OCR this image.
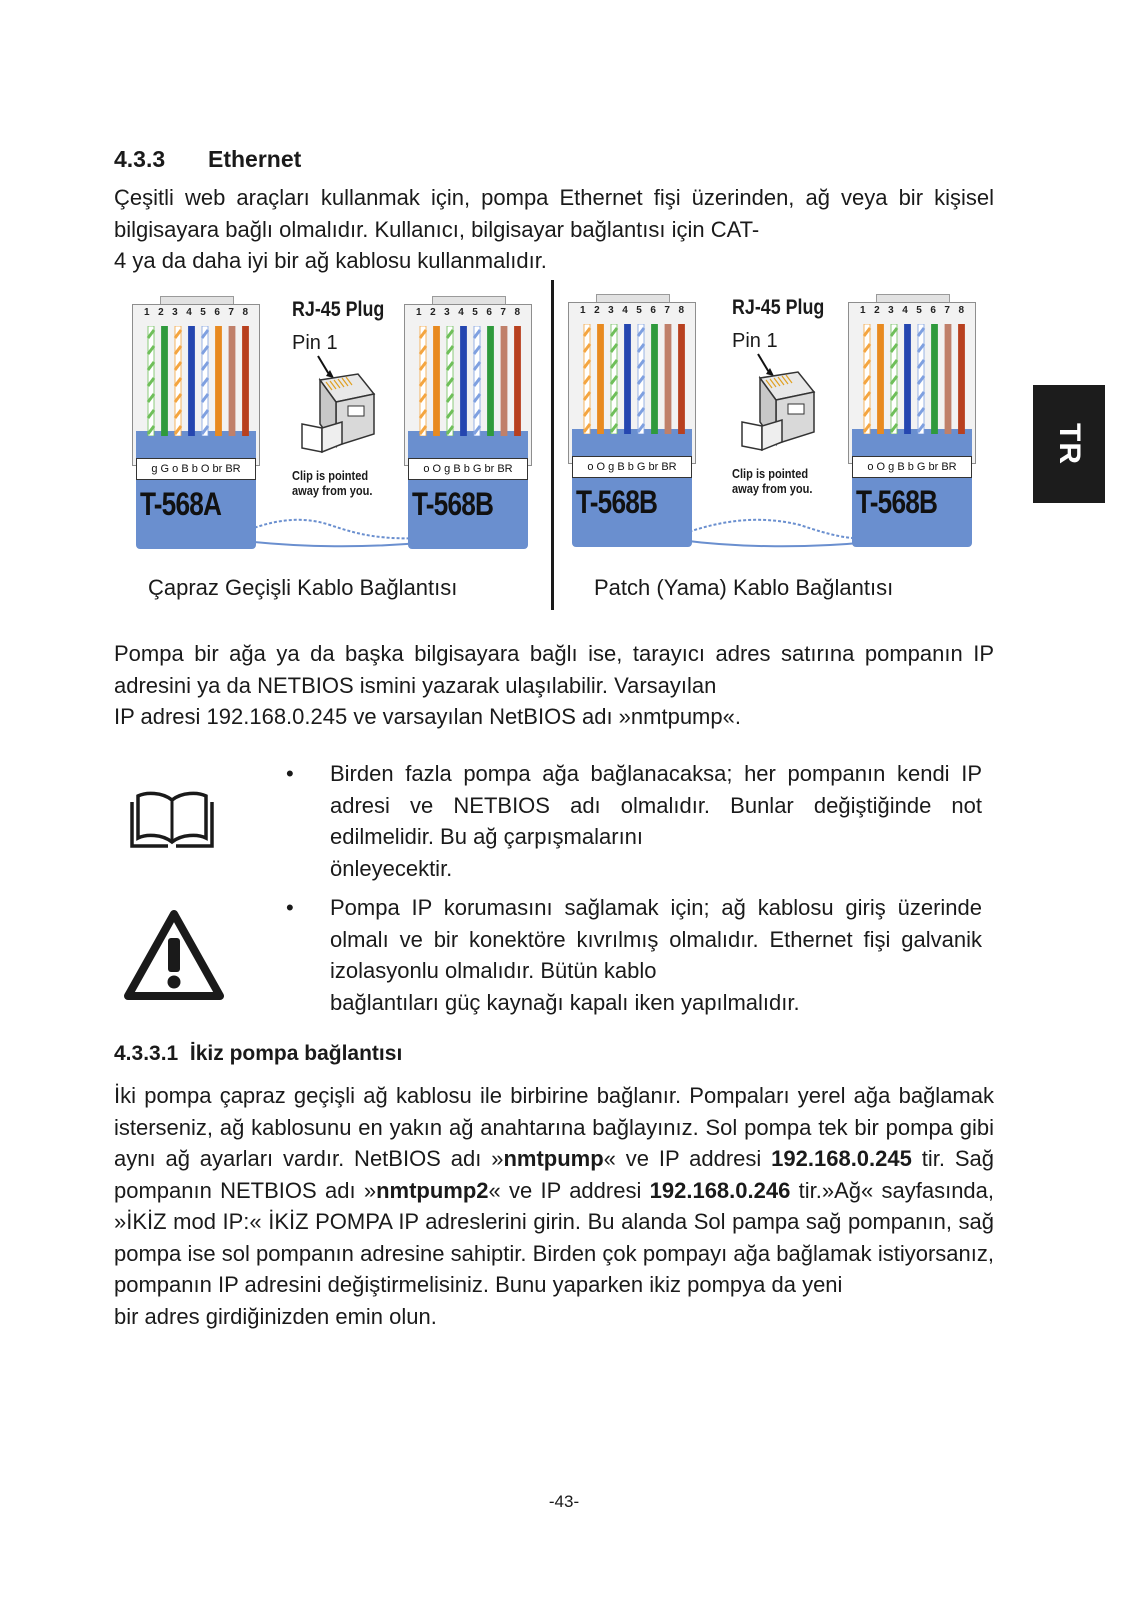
TR
4.3.3 Ethernet
Çeşitli web araçları kullanmak için, pompa Ethernet fişi üzerinden, ağ veya bir kişisel bilgisayara bağlı olmalıdır. Kullanıcı, bilgisayar bağlantısı için CAT-
4 ya da daha iyi bir ağ kablosu kullanmalıdır.
1 2 3 4 5 6 7 8
g G o B b O br BR
T-568A
1 2 3 4 5 6 7 8
o O g B b G br BR
T-568B
1 2 3 4 5 6 7 8
o O g B b G br BR
T-568B
1 2 3 4 5 6 7 8
o O g B b G br BR
T-568B
RJ-45 Plug
Pin 1
Clip is pointed
away from you.
RJ-45 Plug
Pin 1
Clip is pointed
away from you.
Çapraz Geçişli Kablo Bağlantısı	Patch (Yama) Kablo Bağlantısı
Pompa bir ağa ya da başka bilgisayara bağlı ise, tarayıcı adres satırına pompanın IP adresini ya da NETBIOS ismini yazarak ulaşılabilir. Varsayılan
IP adresi 192.168.0.245 ve varsayılan NetBIOS adı »nmtpump«.
•	Birden fazla pompa ağa bağlanacaksa; her pompanın kendi IP adresi ve NETBIOS adı olmalıdır. Bunlar değiştiğinde not edilmelidir. Bu ağ çarpışmalarını
önleyecektir.
•	Pompa IP korumasını sağlamak için; ağ kablosu giriş üzerinde olmalı ve bir konektöre kıvrılmış olmalıdır. Ethernet fişi galvanik izolasyonlu olmalıdır. Bütün kablo
bağlantıları güç kaynağı kapalı iken yapılmalıdır.
4.3.3.1 İkiz pompa bağlantısı
İki pompa çapraz geçişli ağ kablosu ile birbirine bağlanır. Pompaları yerel ağa bağlamak isterseniz, ağ kablosunu en yakın ağ anahtarına bağlayınız. Sol pompa tek bir pompa gibi aynı ağ ayarları vardır. NetBIOS adı »nmtpump« ve IP addresi 192.168.0.245 tir. Sağ pompanın NETBIOS adı »nmtpump2« ve IP addresi 192.168.0.246 tir.»Ağ« sayfasında, »İKİZ mod IP:« İKİZ POMPA IP adreslerini girin. Bu alanda Sol pampa sağ pompanın, sağ pompa ise sol pompanın adresine sahiptir. Birden çok pompayı ağa bağlamak istiyorsanız, pompanın IP adresini değiştirmelisiniz. Bunu yaparken ikiz pompya da yeni
bir adres girdiğinizden emin olun.
-43-
